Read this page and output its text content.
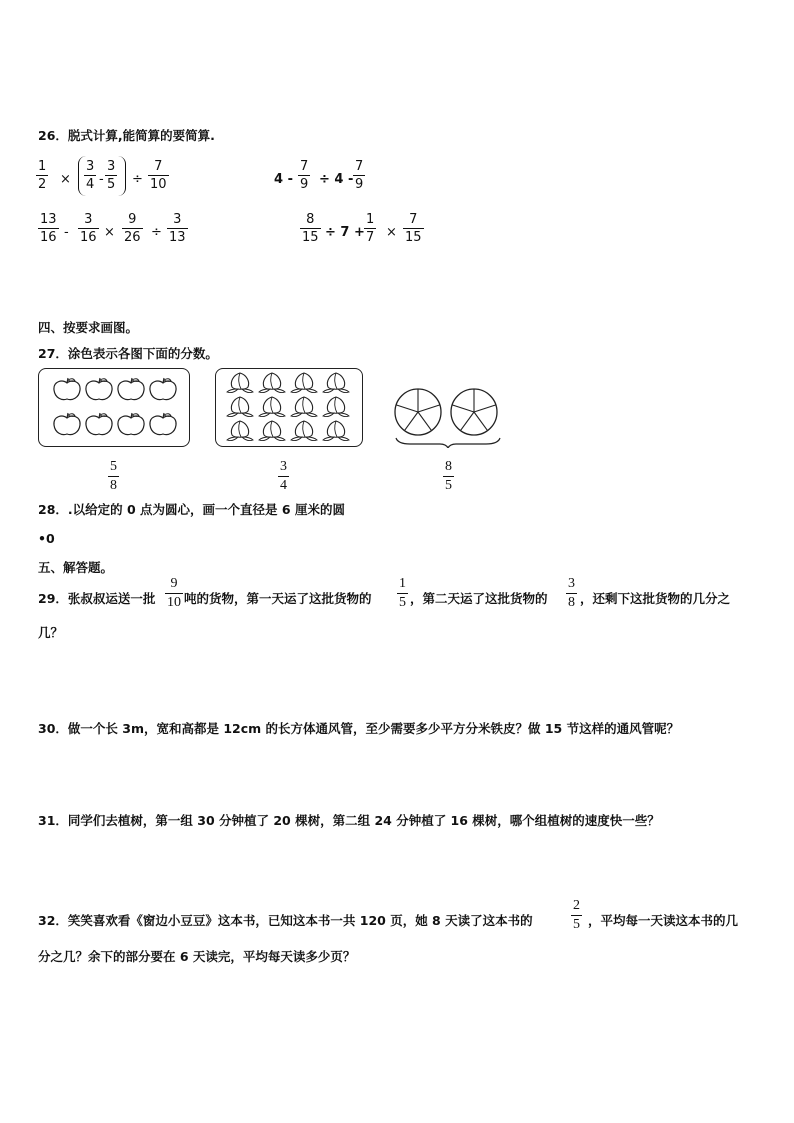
26．脱式计算,能简算的要简算.
$\frac{1}{2} \times \frac{3}{4} - \frac{3}{5} \div \frac{7}{10}$	$4 - \frac{7}{9} \div 4 - \frac{7}{9}$
$\frac{13}{16} - \frac{3}{16} \times \frac{9}{26} \div \frac{3}{13}$	$\frac{8}{15} \div 7 + \frac{1}{7} \times \frac{7}{15}$
四、按要求画图。
27．涂色表示各图下面的分数。
$\frac{5}{8}$	$\frac{3}{4}$	$\frac{8}{5}$
28．.以给定的 0 点为圆心，画一个直径是 6 厘米的圆
•0
五、解答题。
29．张叔叔运送一批 $\frac{9}{10}$ 吨的货物，第一天运了这批货物的 $\frac{1}{5}$ ，第二天运了这批货物的 $\frac{3}{8}$ ，还剩下这批货物的几分之
几？
30．做一个长 3m，宽和高都是 12cm 的长方体通风管，至少需要多少平方分米铁皮？做 15 节这样的通风管呢？
31．同学们去植树，第一组 30 分钟植了 20 棵树，第二组 24 分钟植了 16 棵树，哪个组植树的速度快一些？
32．笑笑喜欢看《窗边小豆豆》这本书，已知这本书一共 120 页，她 8 天读了这本书的	$\frac{2}{5}$ ，平均每一天读这本书的几
分之几？余下的部分要在 6 天读完，平均每天读多少页？
